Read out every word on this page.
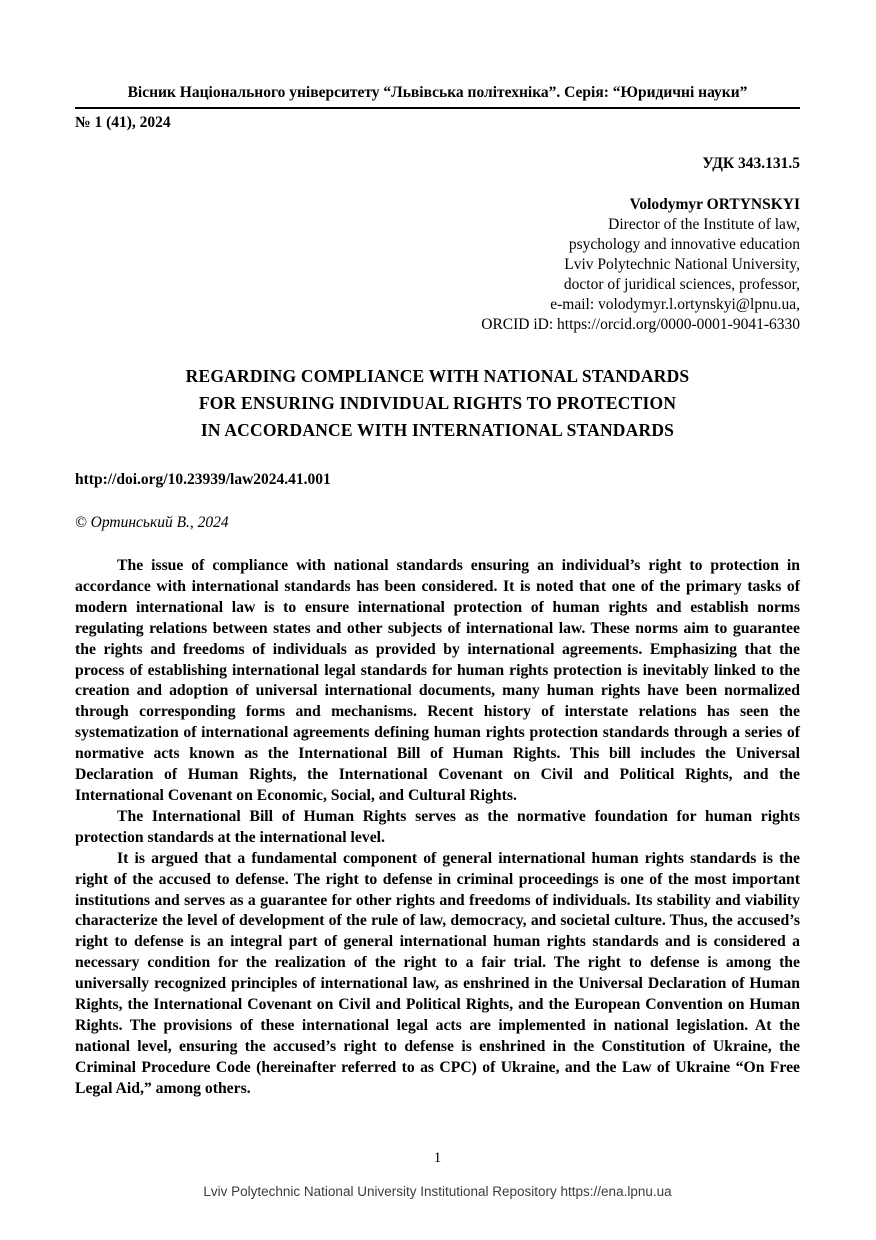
Вісник Національного університету “Львівська політехніка”. Серія: “Юридичні науки”
№ 1 (41), 2024
УДК 343.131.5
Volodymyr ORTYNSKYI
Director of the Institute of law,
psychology and innovative education
Lviv Polytechnic National University,
doctor of juridical sciences, professor,
e-mail: volodymyr.l.ortynskyi@lpnu.ua,
ORCID iD: https://orcid.org/0000-0001-9041-6330
REGARDING COMPLIANCE WITH NATIONAL STANDARDS
FOR ENSURING INDIVIDUAL RIGHTS TO PROTECTION
IN ACCORDANCE WITH INTERNATIONAL STANDARDS
http://doi.org/10.23939/law2024.41.001
© Ортинський В., 2024

The issue of compliance with national standards ensuring an individual’s right to protection in accordance with international standards has been considered. It is noted that one of the primary tasks of modern international law is to ensure international protection of human rights and establish norms regulating relations between states and other subjects of international law. These norms aim to guarantee the rights and freedoms of individuals as provided by international agreements. Emphasizing that the process of establishing international legal standards for human rights protection is inevitably linked to the creation and adoption of universal international documents, many human rights have been normalized through corresponding forms and mechanisms. Recent history of interstate relations has seen the systematization of international agreements defining human rights protection standards through a series of normative acts known as the International Bill of Human Rights. This bill includes the Universal Declaration of Human Rights, the International Covenant on Civil and Political Rights, and the International Covenant on Economic, Social, and Cultural Rights.

The International Bill of Human Rights serves as the normative foundation for human rights protection standards at the international level.

It is argued that a fundamental component of general international human rights standards is the right of the accused to defense. The right to defense in criminal proceedings is one of the most important institutions and serves as a guarantee for other rights and freedoms of individuals. Its stability and viability characterize the level of development of the rule of law, democracy, and societal culture. Thus, the accused’s right to defense is an integral part of general international human rights standards and is considered a necessary condition for the realization of the right to a fair trial. The right to defense is among the universally recognized principles of international law, as enshrined in the Universal Declaration of Human Rights, the International Covenant on Civil and Political Rights, and the European Convention on Human Rights. The provisions of these international legal acts are implemented in national legislation. At the national level, ensuring the accused’s right to defense is enshrined in the Constitution of Ukraine, the Criminal Procedure Code (hereinafter referred to as CPC) of Ukraine, and the Law of Ukraine “On Free Legal Aid,” among others.

1
Lviv Polytechnic National University Institutional Repository https://ena.lpnu.ua
